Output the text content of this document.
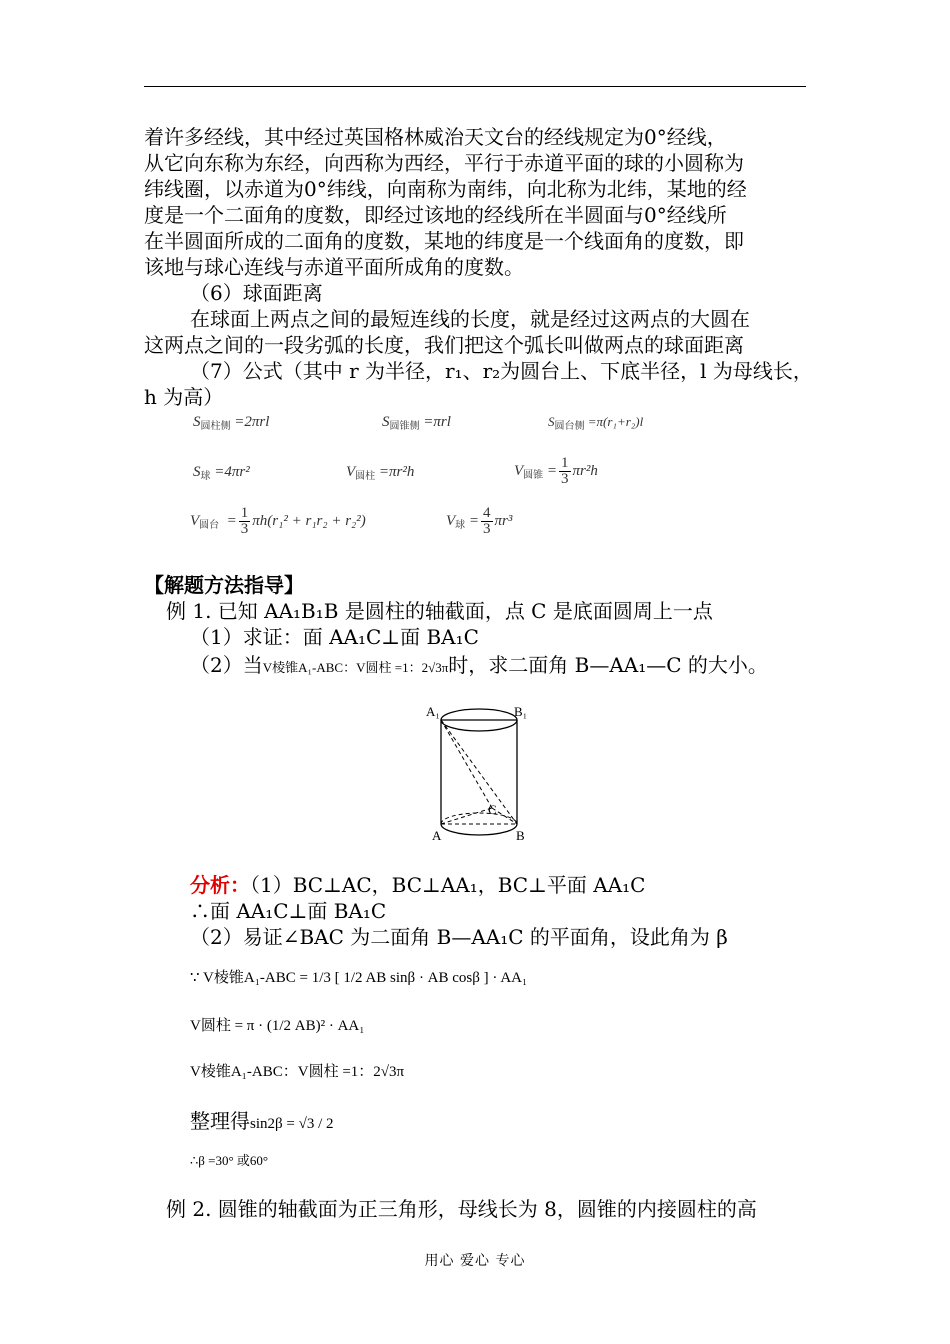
着许多经线，其中经过英国格林威治天文台的经线规定为0°经线，
从它向东称为东经，向西称为西经，平行于赤道平面的球的小圆称为
纬线圈，以赤道为0°纬线，向南称为南纬，向北称为北纬，某地的经
度是一个二面角的度数，即经过该地的经线所在半圆面与0°经线所
在半圆面所成的二面角的度数，某地的纬度是一个线面角的度数，即
该地与球心连线与赤道平面所成角的度数。
（6）球面距离
在球面上两点之间的最短连线的长度，就是经过这两点的大圆在
这两点之间的一段劣弧的长度，我们把这个弧长叫做两点的球面距离
（7）公式（其中 r 为半径，r₁、r₂为圆台上、下底半径，l 为母线长，
h 为高）
$S_{圆柱侧} =2\pi rl$	$S_{圆锥侧} =\pi rl$	$S_{圆台侧} =\pi(r_1+r_2)l$
$S_球 =4\pi r^2$	$V_{圆柱} =\pi r^2h$	$V_{圆锥} = \frac{1}{3} \pi r^2h$
$V_{圆台} = \frac{1}{3} \pi h(r_1^2 + r_1r_2 + r_2^2)$	$V_球 = \frac{4}{3} \pi r^3$
【解题方法指导】
例 1. 已知 AA₁B₁B 是圆柱的轴截面，点 C 是底面圆周上一点
（1）求证：面 AA₁C⊥面 BA₁C
（2）当V棱锥A₁-ABC：V圆柱 =1：2√3π时，求二面角 B—AA₁—C 的大小。
A₁	B₁
A	B
C
分析：（1）BC⊥AC，BC⊥AA₁，BC⊥平面 AA₁C
∴面 AA₁C⊥面 BA₁C
（2）易证∠BAC 为二面角 B—AA₁C 的平面角，设此角为 β
∵ V棱锥A₁-ABC = 1/3 [ 1/2 AB sinβ · AB cosβ ] · AA₁
V圆柱 = π · (1/2 AB)² · AA₁
V棱锥A₁-ABC：V圆柱 =1：2√3π
整理得sin2β = √3 / 2
∴β =30° 或60°
例 2. 圆锥的轴截面为正三角形，母线长为 8，圆锥的内接圆柱的高
用心 爱心 专心
